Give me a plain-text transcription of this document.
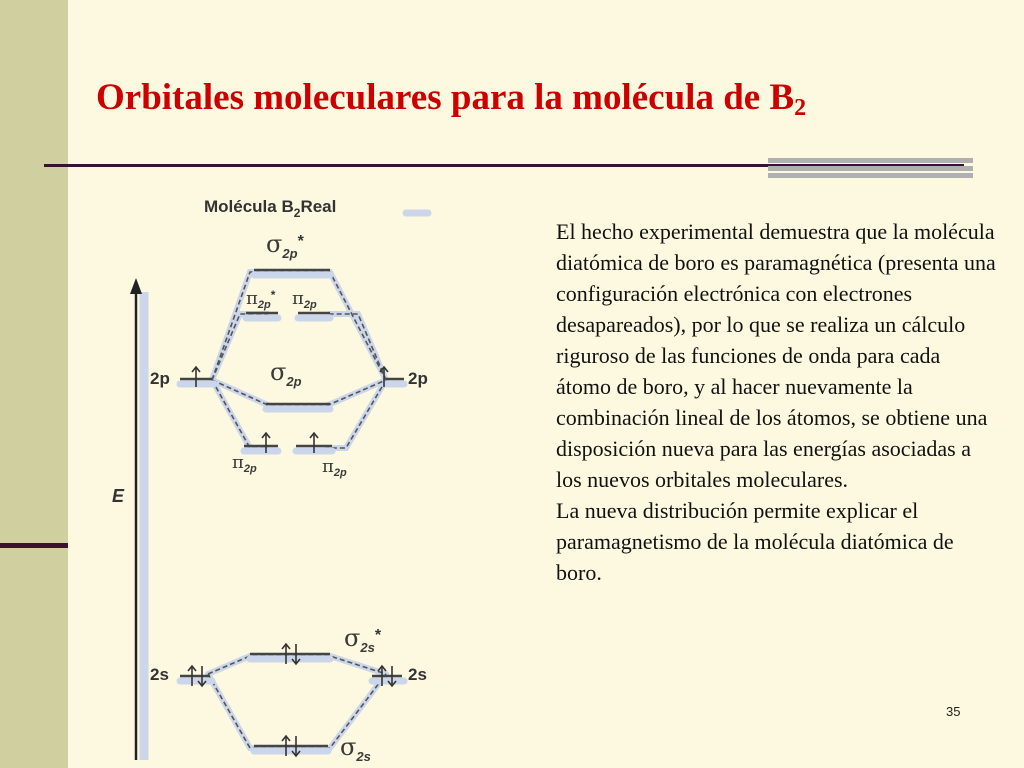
Orbitales moleculares para la molécula de $B_2$
Molécula $B_2Real$
E
$\sigma_{2p}^*$
$\pi_{2p}^*$ $\pi_{2p}$
2p	2p
$\sigma_{2p}$
$\pi_{2p}$	$\pi_{2p}$
$\sigma_{2s}^*$
2s	2s
$\sigma_{2s}$

El hecho experimental demuestra que la molécula diatómica de boro es paramagnética (presenta una configuración electrónica con electrones desapareados), por lo que se realiza un cálculo riguroso de las funciones de onda para cada átomo de boro, y al hacer nuevamente la combinación lineal de los átomos, se obtiene una disposición nueva para las energías asociadas a los nuevos orbitales moleculares.

La nueva distribución permite explicar el paramagnetismo de la molécula diatómica de boro.

35
